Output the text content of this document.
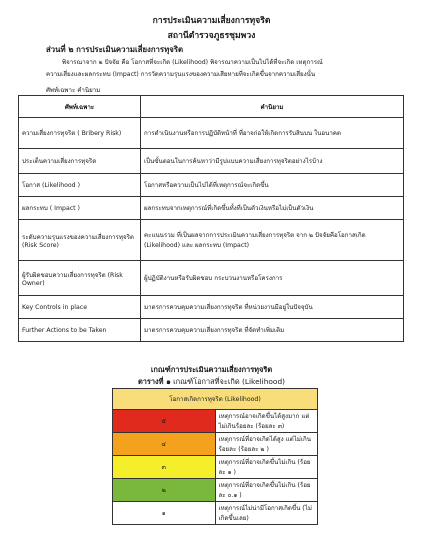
การประเมินความเสี่ยงการทุจริต
สถานีตำรวจภูธรชุมพวง
ส่วนที่ ๒ การประเมินความเสี่ยงการทุจริต
พิจารณาจาก ๒ ปัจจัย คือ โอกาสที่จะเกิด (Likelihood) พิจารณาความเป็นไปได้ที่จะเกิด เหตุการณ์
ความเสี่ยงและผลกระทบ (Impact) การวัดความรุนแรงของความเสียหายที่จะเกิดขึ้นจากความเสี่ยงนั้น
ศัพท์เฉพาะ คำนิยาม
ศัพท์เฉพาะ	คำนิยาม
ความเสี่ยงการทุจริต ( Bribery Risk)	การดำเนินงานหรือการปฏิบัติหน้าที่ ที่อาจก่อให้เกิดการรับสินบน ในอนาคต
ประเด็นความเสี่ยงการทุจริต	เป็นขั้นตอนในการค้นหาว่ามีรูปแบบความเสี่ยงการทุจริตอย่างไรบ้าง
โอกาส (Likelihood )	โอกาสหรือความเป็นไปได้ที่เหตุการณ์จะเกิดขึ้น
ผลกระทบ ( Impact )	ผลกระทบจากเหตุการณ์ที่เกิดขึ้นทั้งที่เป็นตัวเงินหรือไม่เป็นตัวเงิน
ระดับความรุนแรงของความเสี่ยงการทุจริต (Risk Score)	คะแนนรวม ที่เป็นผลจากการประเมินความเสี่ยงการทุจริต จาก ๒ ปัจจัยคือโอกาสเกิด (Likelihood) และ ผลกระทบ (Impact)
ผู้รับผิดชอบความเสี่ยงการทุจริต (Risk Owner)	ผู้ปฏิบัติงานหรือรับผิดชอบ กระบวนงานหรือโครงการ
Key Controls in place	มาตรการควบคุมความเสี่ยงการทุจริต ที่หน่วยงานมีอยู่ในปัจจุบัน
Further Actions to be Taken	มาตรการควบคุมความเสี่ยงการทุจริต ที่จัดทำเพิ่มเติม
เกณฑ์การประเมินความเสี่ยงการทุจริต
ตารางที่ ๑ เกณฑ์โอกาสที่จะเกิด (Likelihood)
โอกาสเกิดการทุจริต (Likelihood)	
๕	เหตุการณ์อาจเกิดขึ้นได้สูงมาก แต่ไม่เกินร้อยละ (ร้อยละ ๓)
๔	เหตุการณ์ที่อาจเกิดได้สูง แต่ไม่เกินร้อยละ (ร้อยละ ๒ )
๓	เหตุการณ์ที่อาจเกิดขึ้นไม่เกิน (ร้อยละ ๑ )
๒	เหตุการณ์ที่อาจเกิดขึ้นไม่เกิน (ร้อยละ ๐.๑ )
๑	เหตุการณ์ไม่น่ามีโอกาสเกิดขึ้น (ไม่เกิดขึ้นเลย)
